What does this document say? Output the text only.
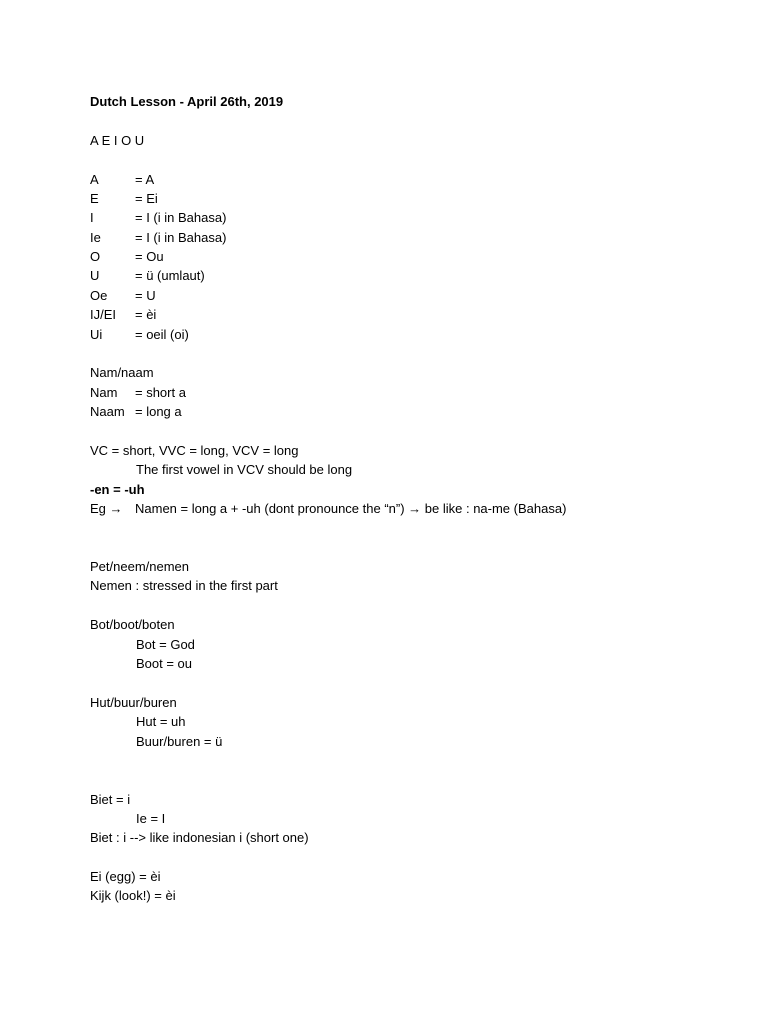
Dutch Lesson - April 26th, 2019
A E I O U
A	= A
E	= Ei
I	= I (i in Bahasa)
Ie	= I (i in Bahasa)
O	= Ou
U	= ü (umlaut)
Oe = U
IJ/EI = èi
Ui	= oeil (oi)
Nam/naam
Nam = short a
Naam = long a
VC = short, VVC = long, VCV = long
The first vowel in VCV should be long
-en = -uh
Eg → Namen = long a + -uh (dont pronounce the “n”) → be like : na-me (Bahasa)
Pet/neem/nemen
Nemen : stressed in the first part
Bot/boot/boten
Bot = God
Boot = ou
Hut/buur/buren
Hut = uh
Buur/buren = ü
Biet = i
Ie = I
Biet : i --> like indonesian i (short one)
Ei (egg) = èi
Kijk (look!) = èi
